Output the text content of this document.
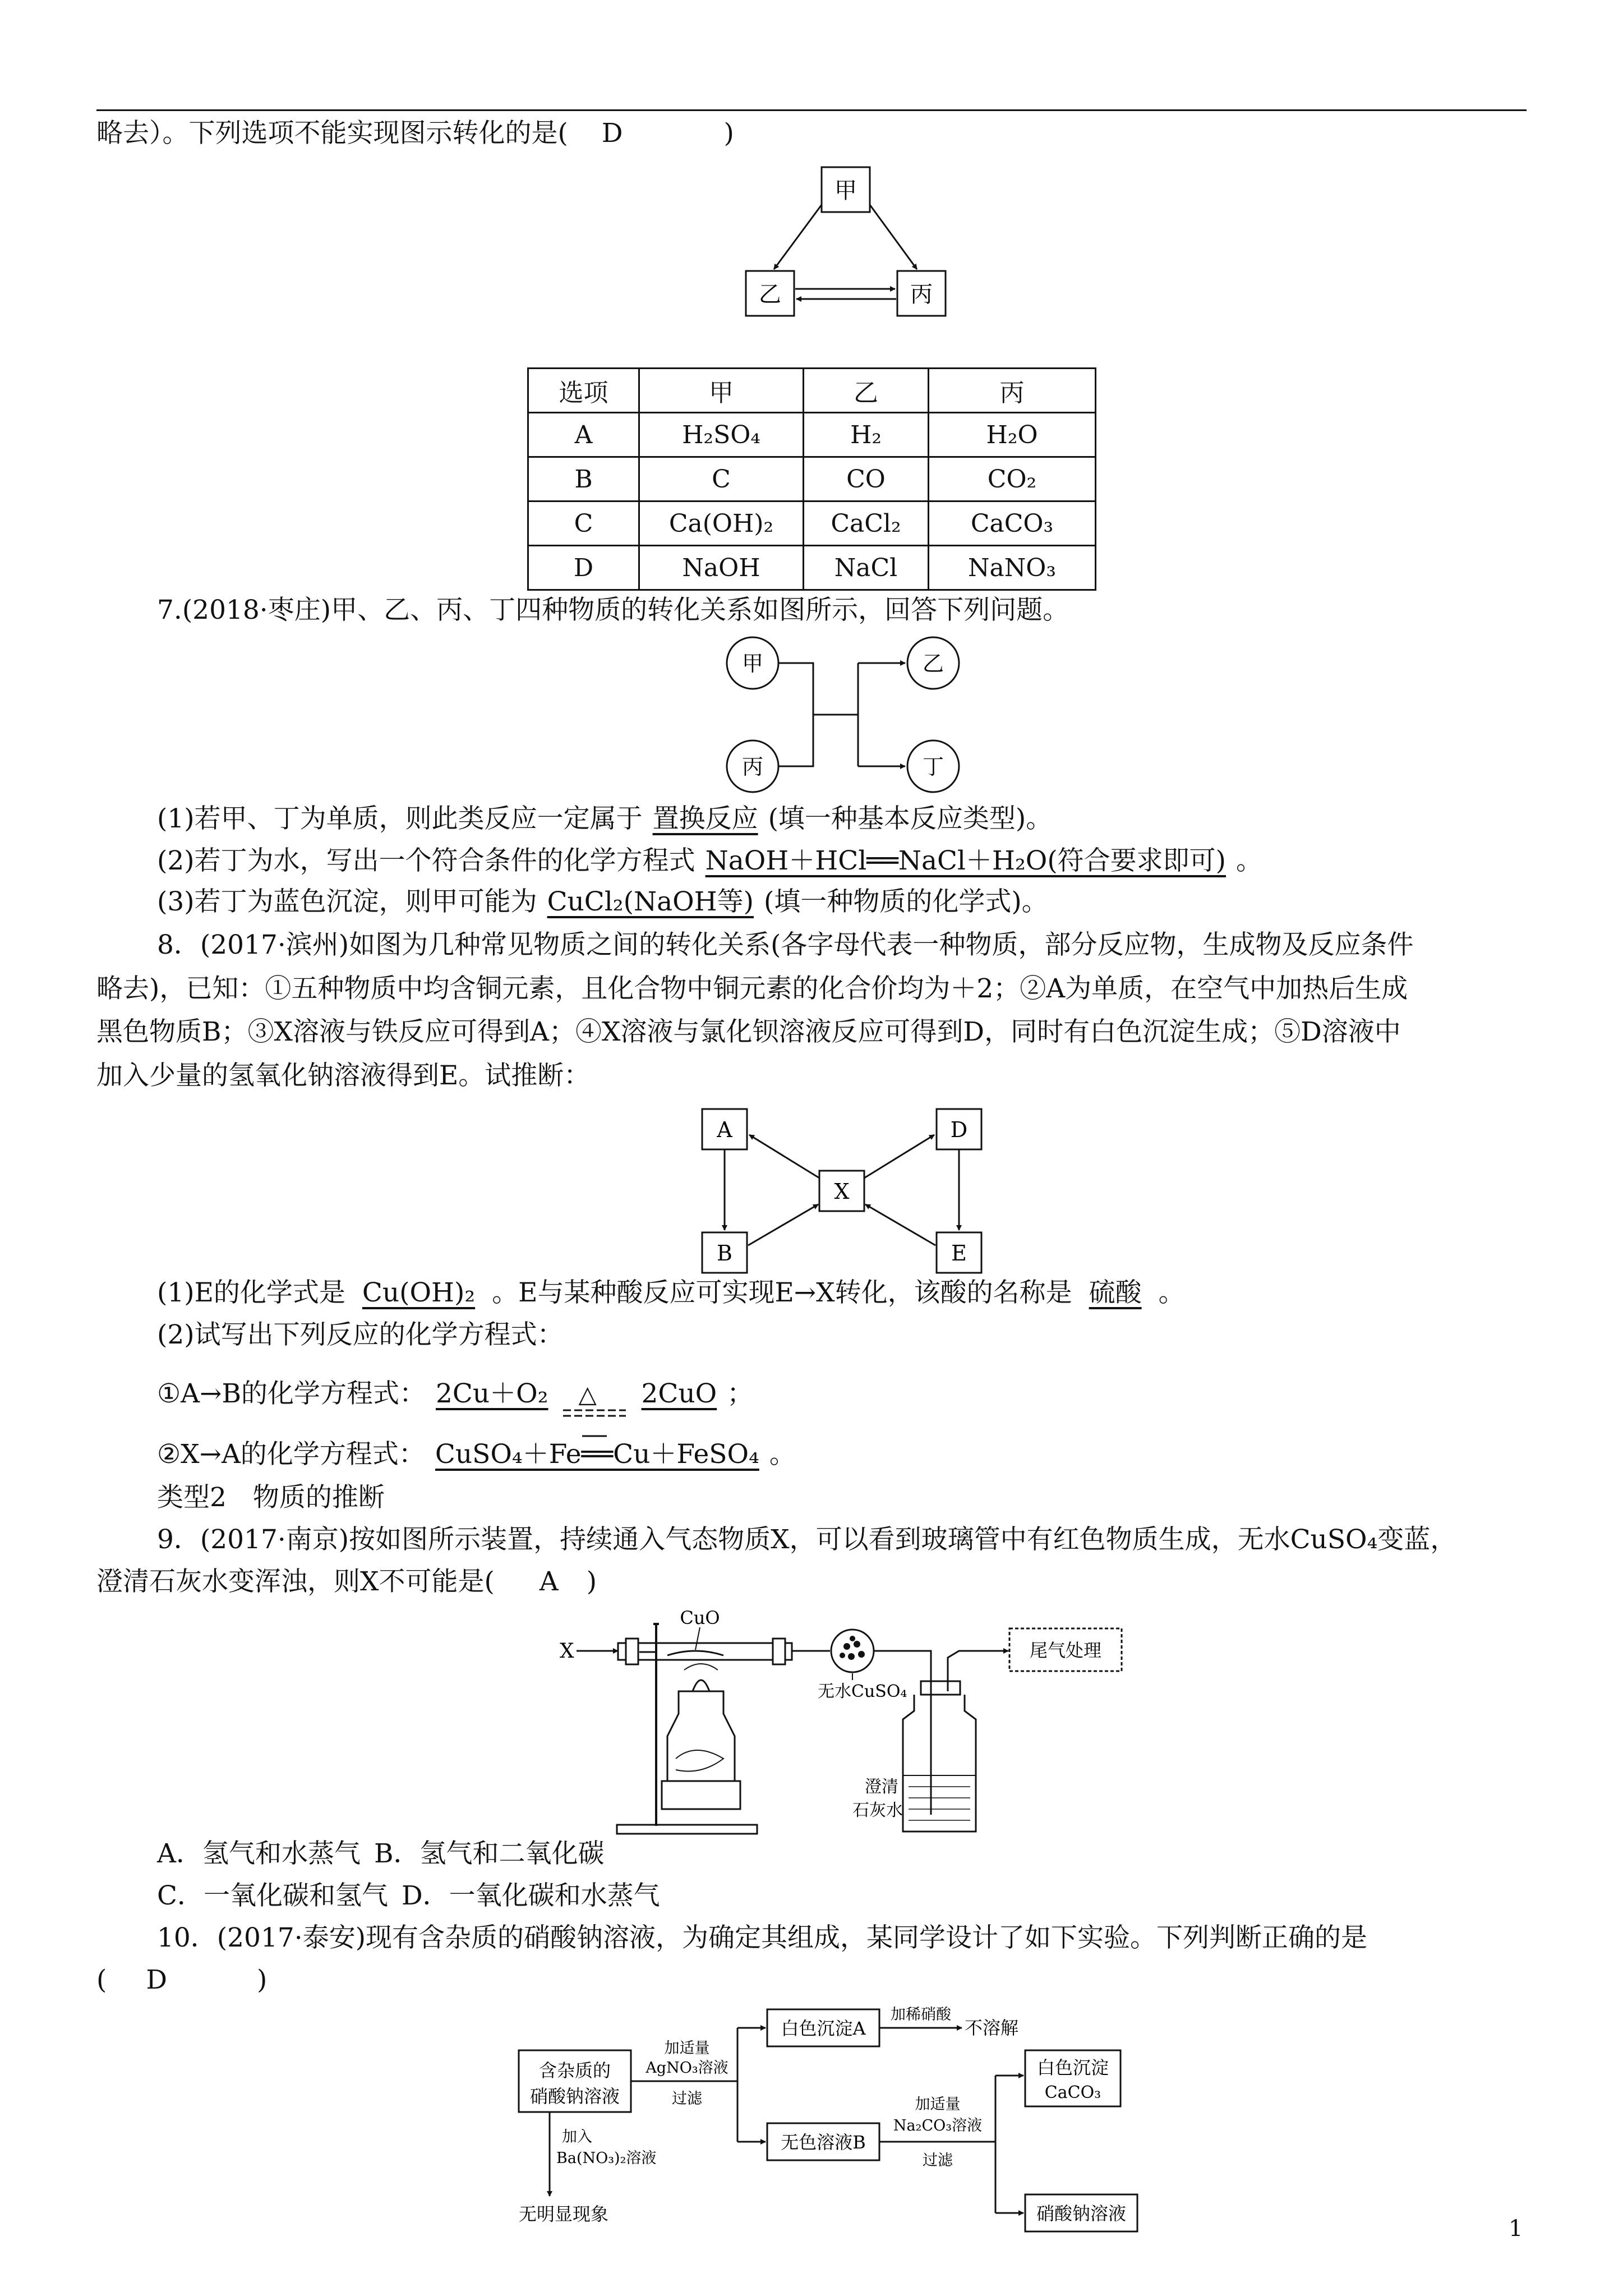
略去）。下列选项不能实现图示转化的是( D	)
甲
乙	丙
选项	甲	乙	丙
A	H₂SO₄	H₂	H₂O
B	C	CO	CO₂
C	Ca(OH)₂	CaCl₂	CaCO₃
D	NaOH	NaCl	NaNO₃
7.(2018·枣庄)甲、乙、丙、丁四种物质的转化关系如图所示，回答下列问题。
甲	乙
丙	丁
(1)若甲、丁为单质，则此类反应一定属于 置换反应 (填一种基本反应类型)。
(2)若丁为水，写出一个符合条件的化学方程式 NaOH＋HCl══NaCl＋H₂O(符合要求即可) 。
(3)若丁为蓝色沉淀，则甲可能为 CuCl₂(NaOH等) (填一种物质的化学式)。
8．(2017·滨州)如图为几种常见物质之间的转化关系(各字母代表一种物质，部分反应物，生成物及反应条件
略去)，已知：①五种物质中均含铜元素，且化合物中铜元素的化合价均为＋2；②A为单质，在空气中加热后生成
黑色物质B；③X溶液与铁反应可得到A；④X溶液与氯化钡溶液反应可得到D，同时有白色沉淀生成；⑤D溶液中
加入少量的氢氧化钠溶液得到E。试推断：
A
B
D
E
X
(1)E的化学式是 Cu(OH)₂ 。E与某种酸反应可实现E→X转化，该酸的名称是 硫酸 。
(2)试写出下列反应的化学方程式：
①A→B的化学方程式： 2Cu＋O₂ △ 2CuO ；
②X→A的化学方程式： CuSO₄＋Fe══Cu＋FeSO₄ 。
类型2　物质的推断
9．(2017·南京)按如图所示装置，持续通入气态物质X，可以看到玻璃管中有红色物质生成，无水CuSO₄变蓝，
澄清石灰水变浑浊，则X不可能是( A )
X
CuO
无水CuSO₄
澄清
石灰水
尾气处理
A．氢气和水蒸气 B．氢气和二氧化碳
C．一氧化碳和氢气 D．一氧化碳和水蒸气
10．(2017·泰安)现有含杂质的硝酸钠溶液，为确定其组成，某同学设计了如下实验。下列判断正确的是
( D	)
含杂质的
硝酸钠溶液
加适量
AgNO₃溶液
过滤
白色沉淀A
加稀硝酸
不溶解
无色溶液B
加适量
Na₂CO₃溶液
过滤
白色沉淀
CaCO₃
硝酸钠溶液
加入
Ba(NO₃)₂溶液
无明显现象
1
